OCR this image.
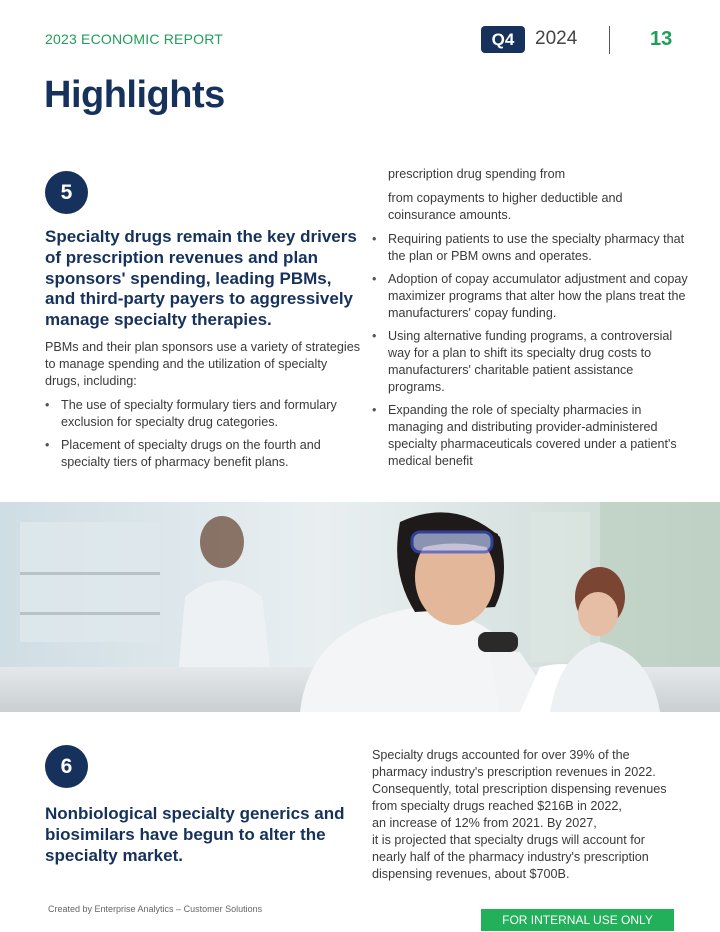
2023 ECONOMIC REPORT	Q4	2024	13
Highlights
5
Specialty drugs remain the key drivers of prescription revenues and plan sponsors' spending, leading PBMs, and third-party payers to aggressively manage specialty therapies.
PBMs and their plan sponsors use a variety of strategies to manage spending and the utilization of specialty drugs, including:
• The use of specialty formulary tiers and formulary exclusion for specialty drug categories.
• Placement of specialty drugs on the fourth and specialty tiers of pharmacy benefit plans.
prescription drug spending from
from copayments to higher deductible and coinsurance amounts.
• Requiring patients to use the specialty pharmacy that the plan or PBM owns and operates.
• Adoption of copay accumulator adjustment and copay maximizer programs that alter how the plans treat the manufacturers' copay funding.
• Using alternative funding programs, a controversial way for a plan to shift its specialty drug costs to manufacturers' charitable patient assistance programs.
• Expanding the role of specialty pharmacies in managing and distributing provider-administered specialty pharmaceuticals covered under a patient's medical benefit
6
Nonbiological specialty generics and biosimilars have begun to alter the specialty market.
Specialty drugs accounted for over 39% of the
pharmacy industry's prescription revenues in 2022.
Consequently, total prescription dispensing revenues
from specialty drugs reached $216B in 2022,
an increase of 12% from 2021. By 2027,
it is projected that specialty drugs will account for
nearly half of the pharmacy industry's prescription
dispensing revenues, about $700B.
Created by Enterprise Analytics – Customer Solutions
FOR INTERNAL USE ONLY
